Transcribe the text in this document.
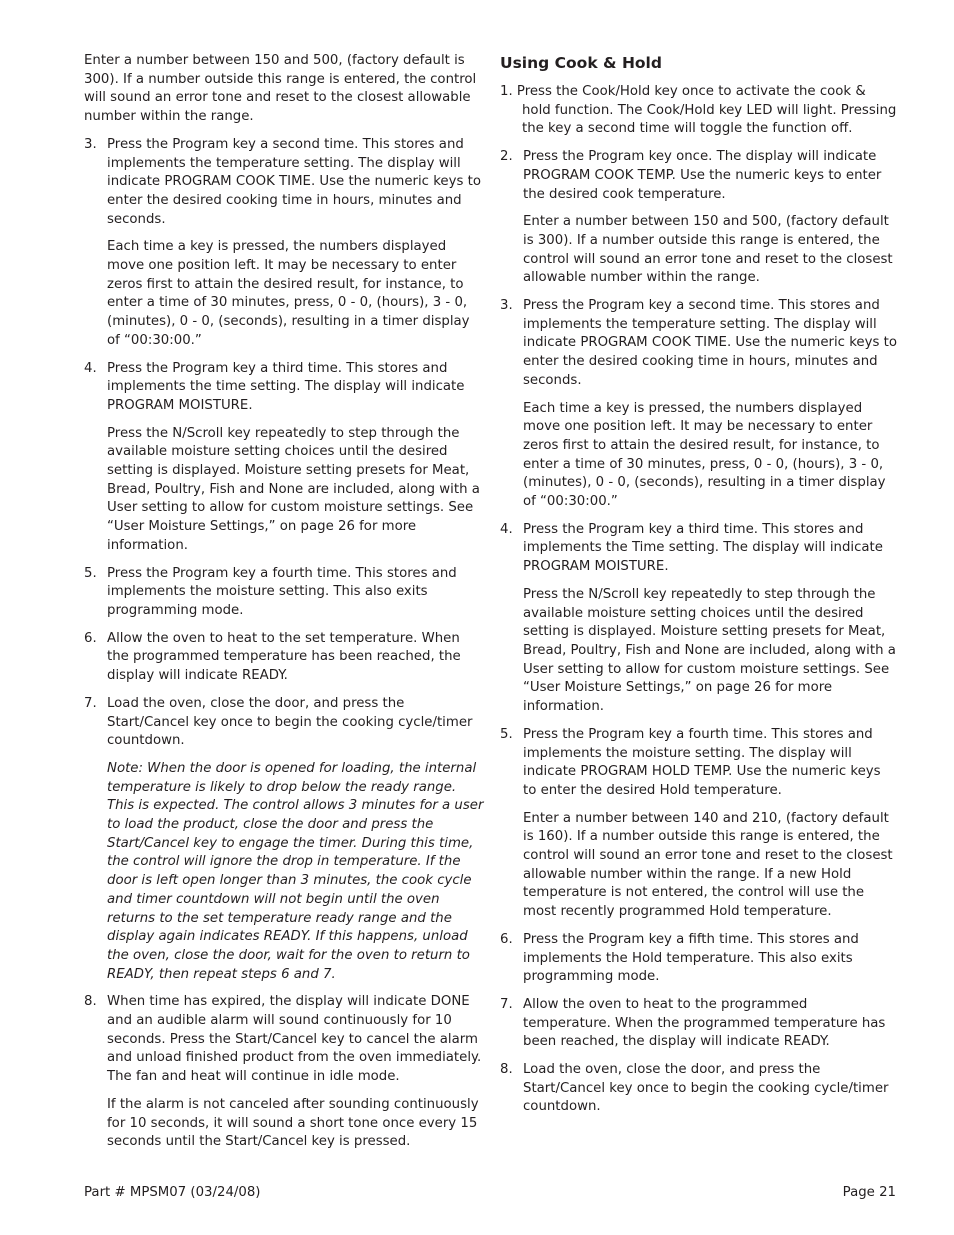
Enter a number between 150 and 500, (factory default is 300). If a number outside this range is entered, the control will sound an error tone and reset to the closest allowable number within the range.

3. Press the Program key a second time. This stores and implements the temperature setting. The display will indicate PROGRAM COOK TIME. Use the numeric keys to enter the desired cooking time in hours, minutes and seconds.

Each time a key is pressed, the numbers displayed move one position left. It may be necessary to enter zeros first to attain the desired result, for instance, to enter a time of 30 minutes, press, 0 - 0, (hours), 3 - 0, (minutes), 0 - 0, (seconds), resulting in a timer display of “00:30:00.”

4. Press the Program key a third time. This stores and implements the time setting. The display will indicate PROGRAM MOISTURE.

Press the N/Scroll key repeatedly to step through the available moisture setting choices until the desired setting is displayed. Moisture setting presets for Meat, Bread, Poultry, Fish and None are included, along with a User setting to allow for custom moisture settings. See “User Moisture Settings,” on page 26 for more information.

5. Press the Program key a fourth time. This stores and implements the moisture setting. This also exits programming mode.

6. Allow the oven to heat to the set temperature. When the programmed temperature has been reached, the display will indicate READY.

7. Load the oven, close the door, and press the Start/Cancel key once to begin the cooking cycle/timer countdown.

Note: When the door is opened for loading, the internal temperature is likely to drop below the ready range. This is expected. The control allows 3 minutes for a user to load the product, close the door and press the Start/Cancel key to engage the timer. During this time, the control will ignore the drop in temperature. If the door is left open longer than 3 minutes, the cook cycle and timer countdown will not begin until the oven returns to the set temperature ready range and the display again indicates READY. If this happens, unload the oven, close the door, wait for the oven to return to READY, then repeat steps 6 and 7.

8. When time has expired, the display will indicate DONE and an audible alarm will sound continuously for 10 seconds. Press the Start/Cancel key to cancel the alarm and unload finished product from the oven immediately. The fan and heat will continue in idle mode.

If the alarm is not canceled after sounding continuously for 10 seconds, it will sound a short tone once every 15 seconds until the Start/Cancel key is pressed.

Using Cook & Hold

1. Press the Cook/Hold key once to activate the cook & hold function. The Cook/Hold key LED will light. Pressing the key a second time will toggle the function off.

2. Press the Program key once. The display will indicate PROGRAM COOK TEMP. Use the numeric keys to enter the desired cook temperature.

Enter a number between 150 and 500, (factory default is 300). If a number outside this range is entered, the control will sound an error tone and reset to the closest allowable number within the range.

3. Press the Program key a second time. This stores and implements the temperature setting. The display will indicate PROGRAM COOK TIME. Use the numeric keys to enter the desired cooking time in hours, minutes and seconds.

Each time a key is pressed, the numbers displayed move one position left. It may be necessary to enter zeros first to attain the desired result, for instance, to enter a time of 30 minutes, press, 0 - 0, (hours), 3 - 0, (minutes), 0 - 0, (seconds), resulting in a timer display of “00:30:00.”

4. Press the Program key a third time. This stores and implements the Time setting. The display will indicate PROGRAM MOISTURE.

Press the N/Scroll key repeatedly to step through the available moisture setting choices until the desired setting is displayed. Moisture setting presets for Meat, Bread, Poultry, Fish and None are included, along with a User setting to allow for custom moisture settings. See “User Moisture Settings,” on page 26 for more information.

5. Press the Program key a fourth time. This stores and implements the moisture setting. The display will indicate PROGRAM HOLD TEMP. Use the numeric keys to enter the desired Hold temperature.

Enter a number between 140 and 210, (factory default is 160). If a number outside this range is entered, the control will sound an error tone and reset to the closest allowable number within the range. If a new Hold temperature is not entered, the control will use the most recently programmed Hold temperature.

6. Press the Program key a fifth time. This stores and implements the Hold temperature. This also exits programming mode.

7. Allow the oven to heat to the programmed temperature. When the programmed temperature has been reached, the display will indicate READY.

8. Load the oven, close the door, and press the Start/Cancel key once to begin the cooking cycle/timer countdown.

Part # MPSM07 (03/24/08)	Page 21
